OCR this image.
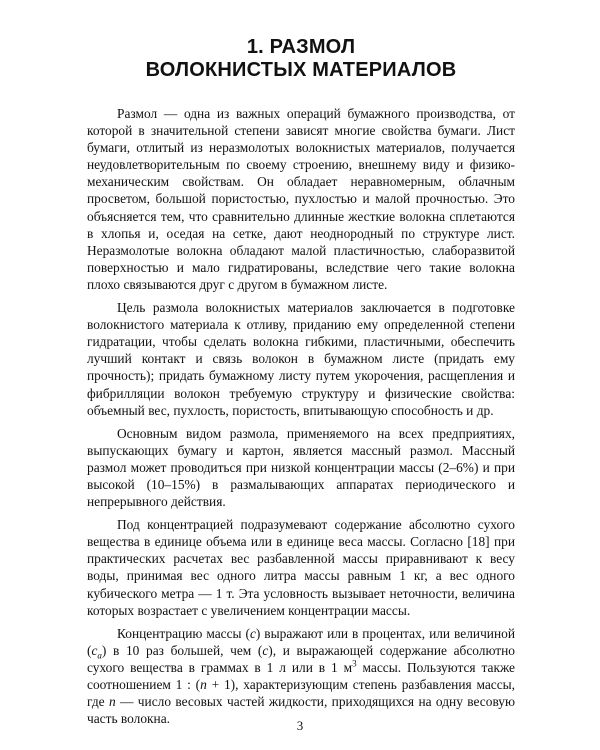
1. РАЗМОЛ
ВОЛОКНИСТЫХ МАТЕРИАЛОВ

Размол — одна из важных операций бумажного производства, от которой в значительной степени зависят многие свойства бумаги. Лист бумаги, отлитый из неразмолотых волокнистых материалов, получается неудовлетворительным по своему строению, внешнему виду и физико-механическим свойствам. Он обладает неравномерным, облачным просветом, большой пористостью, пухлостью и малой прочностью. Это объясняется тем, что сравнительно длинные жесткие волокна сплетаются в хлопья и, оседая на сетке, дают неоднородный по структуре лист. Неразмолотые волокна обладают малой пластичностью, слаборазвитой поверхностью и мало гидратированы, вследствие чего такие волокна плохо связываются друг с другом в бумажном листе.

Цель размола волокнистых материалов заключается в подготовке волокнистого материала к отливу, приданию ему определенной степени гидратации, чтобы сделать волокна гибкими, пластичными, обеспечить лучший контакт и связь волокон в бумажном листе (придать ему прочность); придать бумажному листу путем укорочения, расщепления и фибрилляции волокон требуемую структуру и физические свойства: объемный вес, пухлость, пористость, впитывающую способность и др.

Основным видом размола, применяемого на всех предприятиях, выпускающих бумагу и картон, является массный размол. Массный размол может проводиться при низкой концентрации массы (2–6%) и при высокой (10–15%) в размалывающих аппаратах периодического и непрерывного действия.

Под концентрацией подразумевают содержание абсолютно сухого вещества в единице объема или в единице веса массы. Согласно [18] при практических расчетах вес разбавленной массы приравнивают к весу воды, принимая вес одного литра массы равным 1 кг, а вес одного кубического метра — 1 т. Эта условность вызывает неточности, величина которых возрастает с увеличением концентрации массы.

Концентрацию массы (с) выражают или в процентах, или величиной $(с_а)$ в 10 раз большей, чем (с), и выражающей содержание абсолютно сухого вещества в граммах в 1 л или в 1 $м^3$ массы. Пользуются также соотношением 1 : (n + 1), характеризующим степень разбавления массы, где n — число весовых частей жидкости, приходящихся на одну весовую часть волокна.	3
